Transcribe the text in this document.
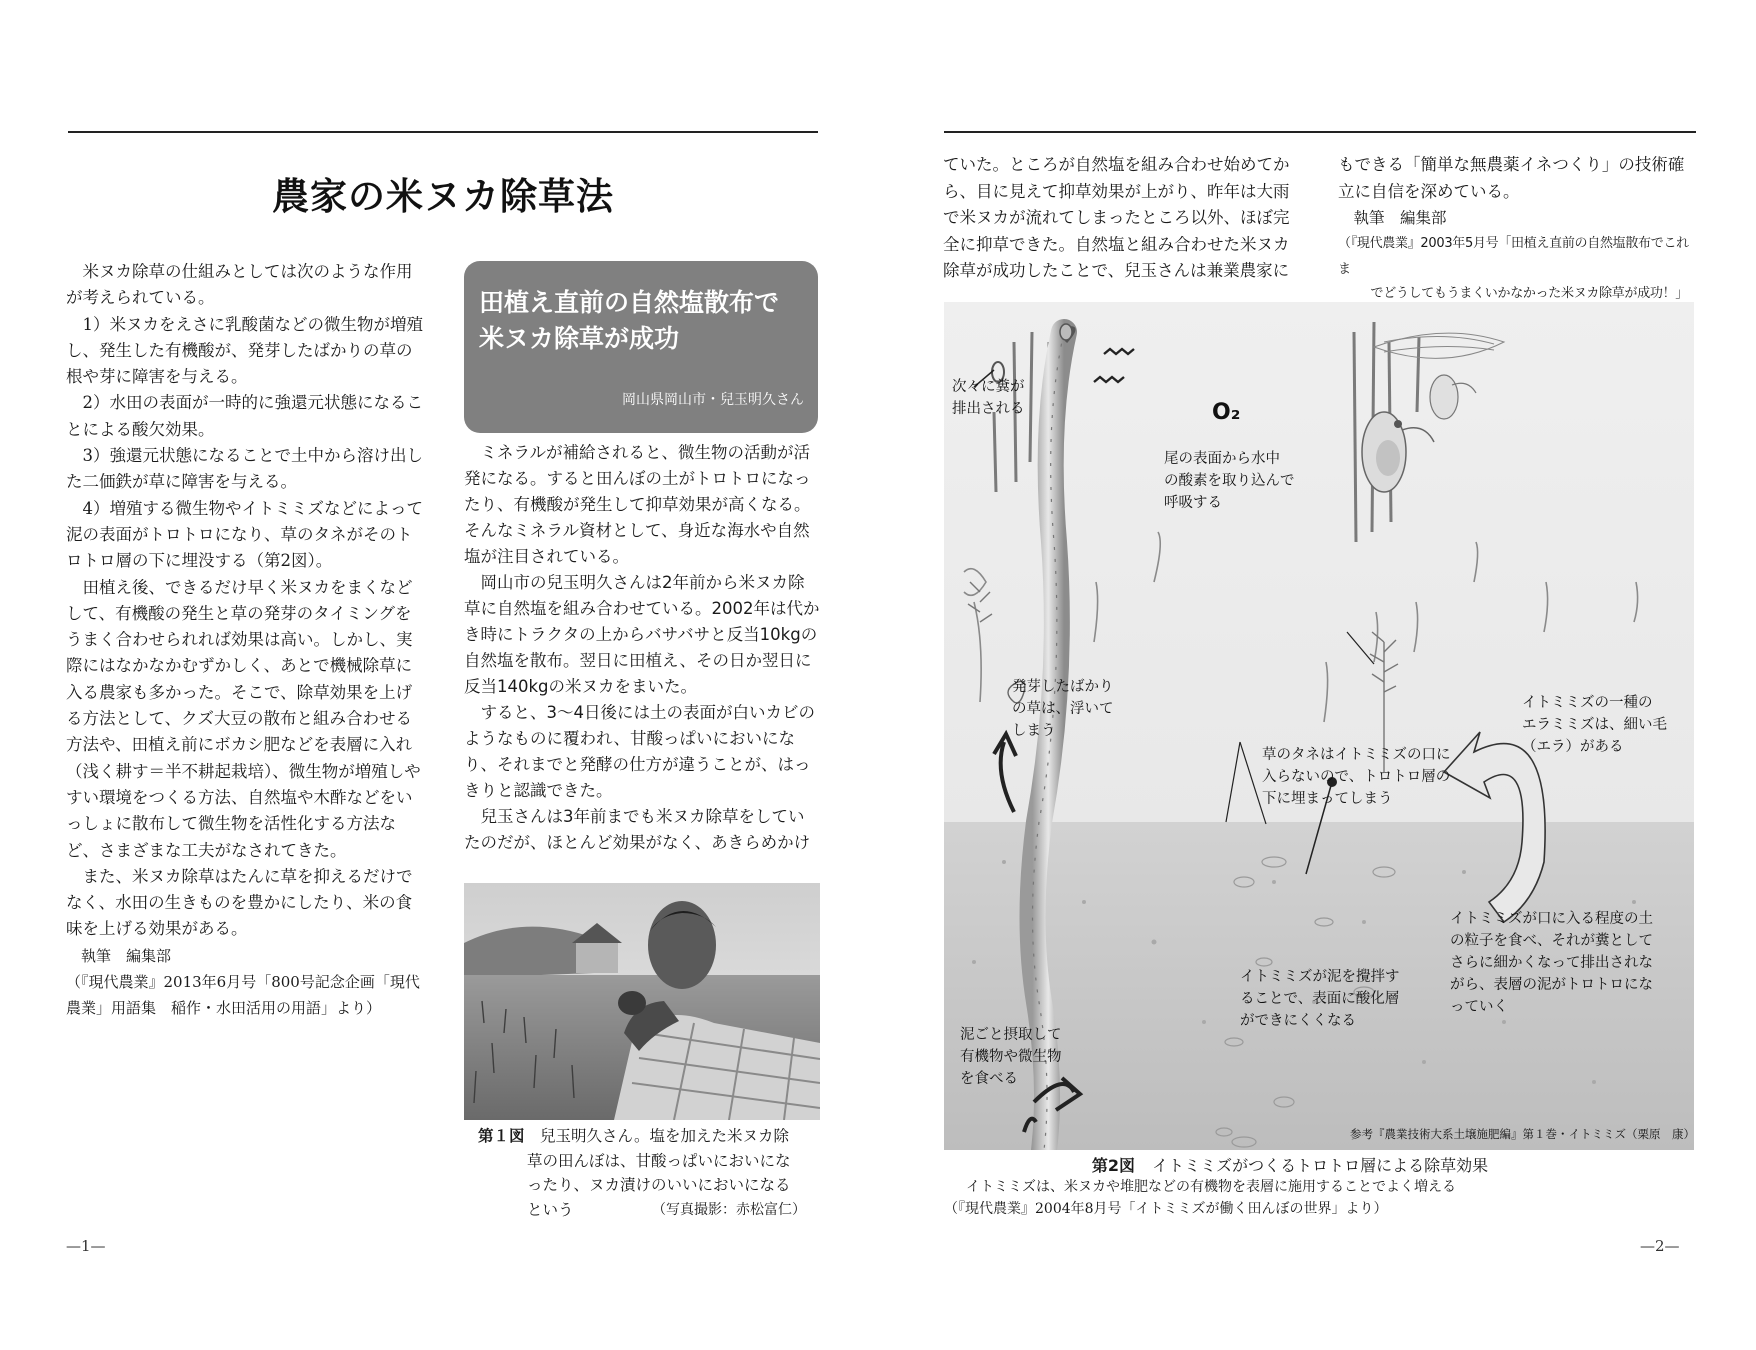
農家の米ヌカ除草法

米ヌカ除草の仕組みとしては次のような作用が考えられている。

1）米ヌカをえさに乳酸菌などの微生物が増殖し、発生した有機酸が、発芽したばかりの草の根や芽に障害を与える。

2）水田の表面が一時的に強還元状態になることによる酸欠効果。

3）強還元状態になることで土中から溶け出した二価鉄が草に障害を与える。

4）増殖する微生物やイトミミズなどによって泥の表面がトロトロになり、草のタネがそのトロトロ層の下に埋没する（第2図）。

田植え後、できるだけ早く米ヌカをまくなどして、有機酸の発生と草の発芽のタイミングをうまく合わせられれば効果は高い。しかし、実際にはなかなかむずかしく、あとで機械除草に入る農家も多かった。そこで、除草効果を上げる方法として、クズ大豆の散布と組み合わせる方法や、田植え前にボカシ肥などを表層に入れ（浅く耕す＝半不耕起栽培）、微生物が増殖しやすい環境をつくる方法、自然塩や木酢などをいっしょに散布して微生物を活性化する方法など、さまざまな工夫がなされてきた。

また、米ヌカ除草はたんに草を抑えるだけでなく、水田の生きものを豊かにしたり、米の食味を上げる効果がある。

執筆　編集部
（『現代農業』2013年6月号「800号記念企画「現代
農業」用語集　稲作・水田活用の用語」より）
田植え直前の自然塩散布で
米ヌカ除草が成功
岡山県岡山市・兒玉明久さん

ミネラルが補給されると、微生物の活動が活発になる。すると田んぼの土がトロトロになったり、有機酸が発生して抑草効果が高くなる。そんなミネラル資材として、身近な海水や自然塩が注目されている。

岡山市の兒玉明久さんは2年前から米ヌカ除草に自然塩を組み合わせている。2002年は代かき時にトラクタの上からバサバサと反当10kgの自然塩を散布。翌日に田植え、その日か翌日に反当140kgの米ヌカをまいた。

すると、3～4日後には土の表面が白いカビのようなものに覆われ、甘酸っぱいにおいになり、それまでと発酵の仕方が違うことが、はっきりと認識できた。

兒玉さんは3年前までも米ヌカ除草をしていたのだが、ほとんど効果がなく、あきらめかけ

第１図　 兒玉明久さん。塩を加えた米ヌカ除
草の田んぼは、甘酸っぱいにおいにな
ったり、ヌカ漬けのいいにおいになる
という	（写真撮影：赤松富仁）
—1—
ていた。ところが自然塩を組み合わせ始めてから、目に見えて抑草効果が上がり、昨年は大雨で米ヌカが流れてしまったところ以外、ほぼ完全に抑草できた。自然塩と組み合わせた米ヌカ除草が成功したことで、兒玉さんは兼業農家に
もできる「簡単な無農薬イネつくり」の技術確立に自信を深めている。
執筆　編集部
（『現代農業』2003年5月号「田植え直前の自然塩散布でこれま
でどうしてもうまくいかなかった米ヌカ除草が成功！」
次々に糞が
排出される	O₂
尾の表面から水中
の酸素を取り込んで
呼吸する
発芽したばかり
の草は、浮いて
しまう
イトミミズの一種の
エラミミズは、細い毛
（エラ）がある
草のタネはイトミミズの口に
入らないので、トロトロ層の
下に埋まってしまう
イトミミズが口に入る程度の土
の粒子を食べ、それが糞として
さらに細かくなって排出されな
がら、表層の泥がトロトロにな
っていく
イトミミズが泥を攪拌す
ることで、表面に酸化層
ができにくくなる
泥ごと摂取して
有機物や微生物
を食べる
参考『農業技術大系土壌施肥編』第１巻・イトミミズ（栗原　康）
第2図 イトミミズがつくるトロトロ層による除草効果
イトミミズは、米ヌカや堆肥などの有機物を表層に施用することでよく増える
（『現代農業』2004年8月号「イトミミズが働く田んぼの世界」より）
—2—
